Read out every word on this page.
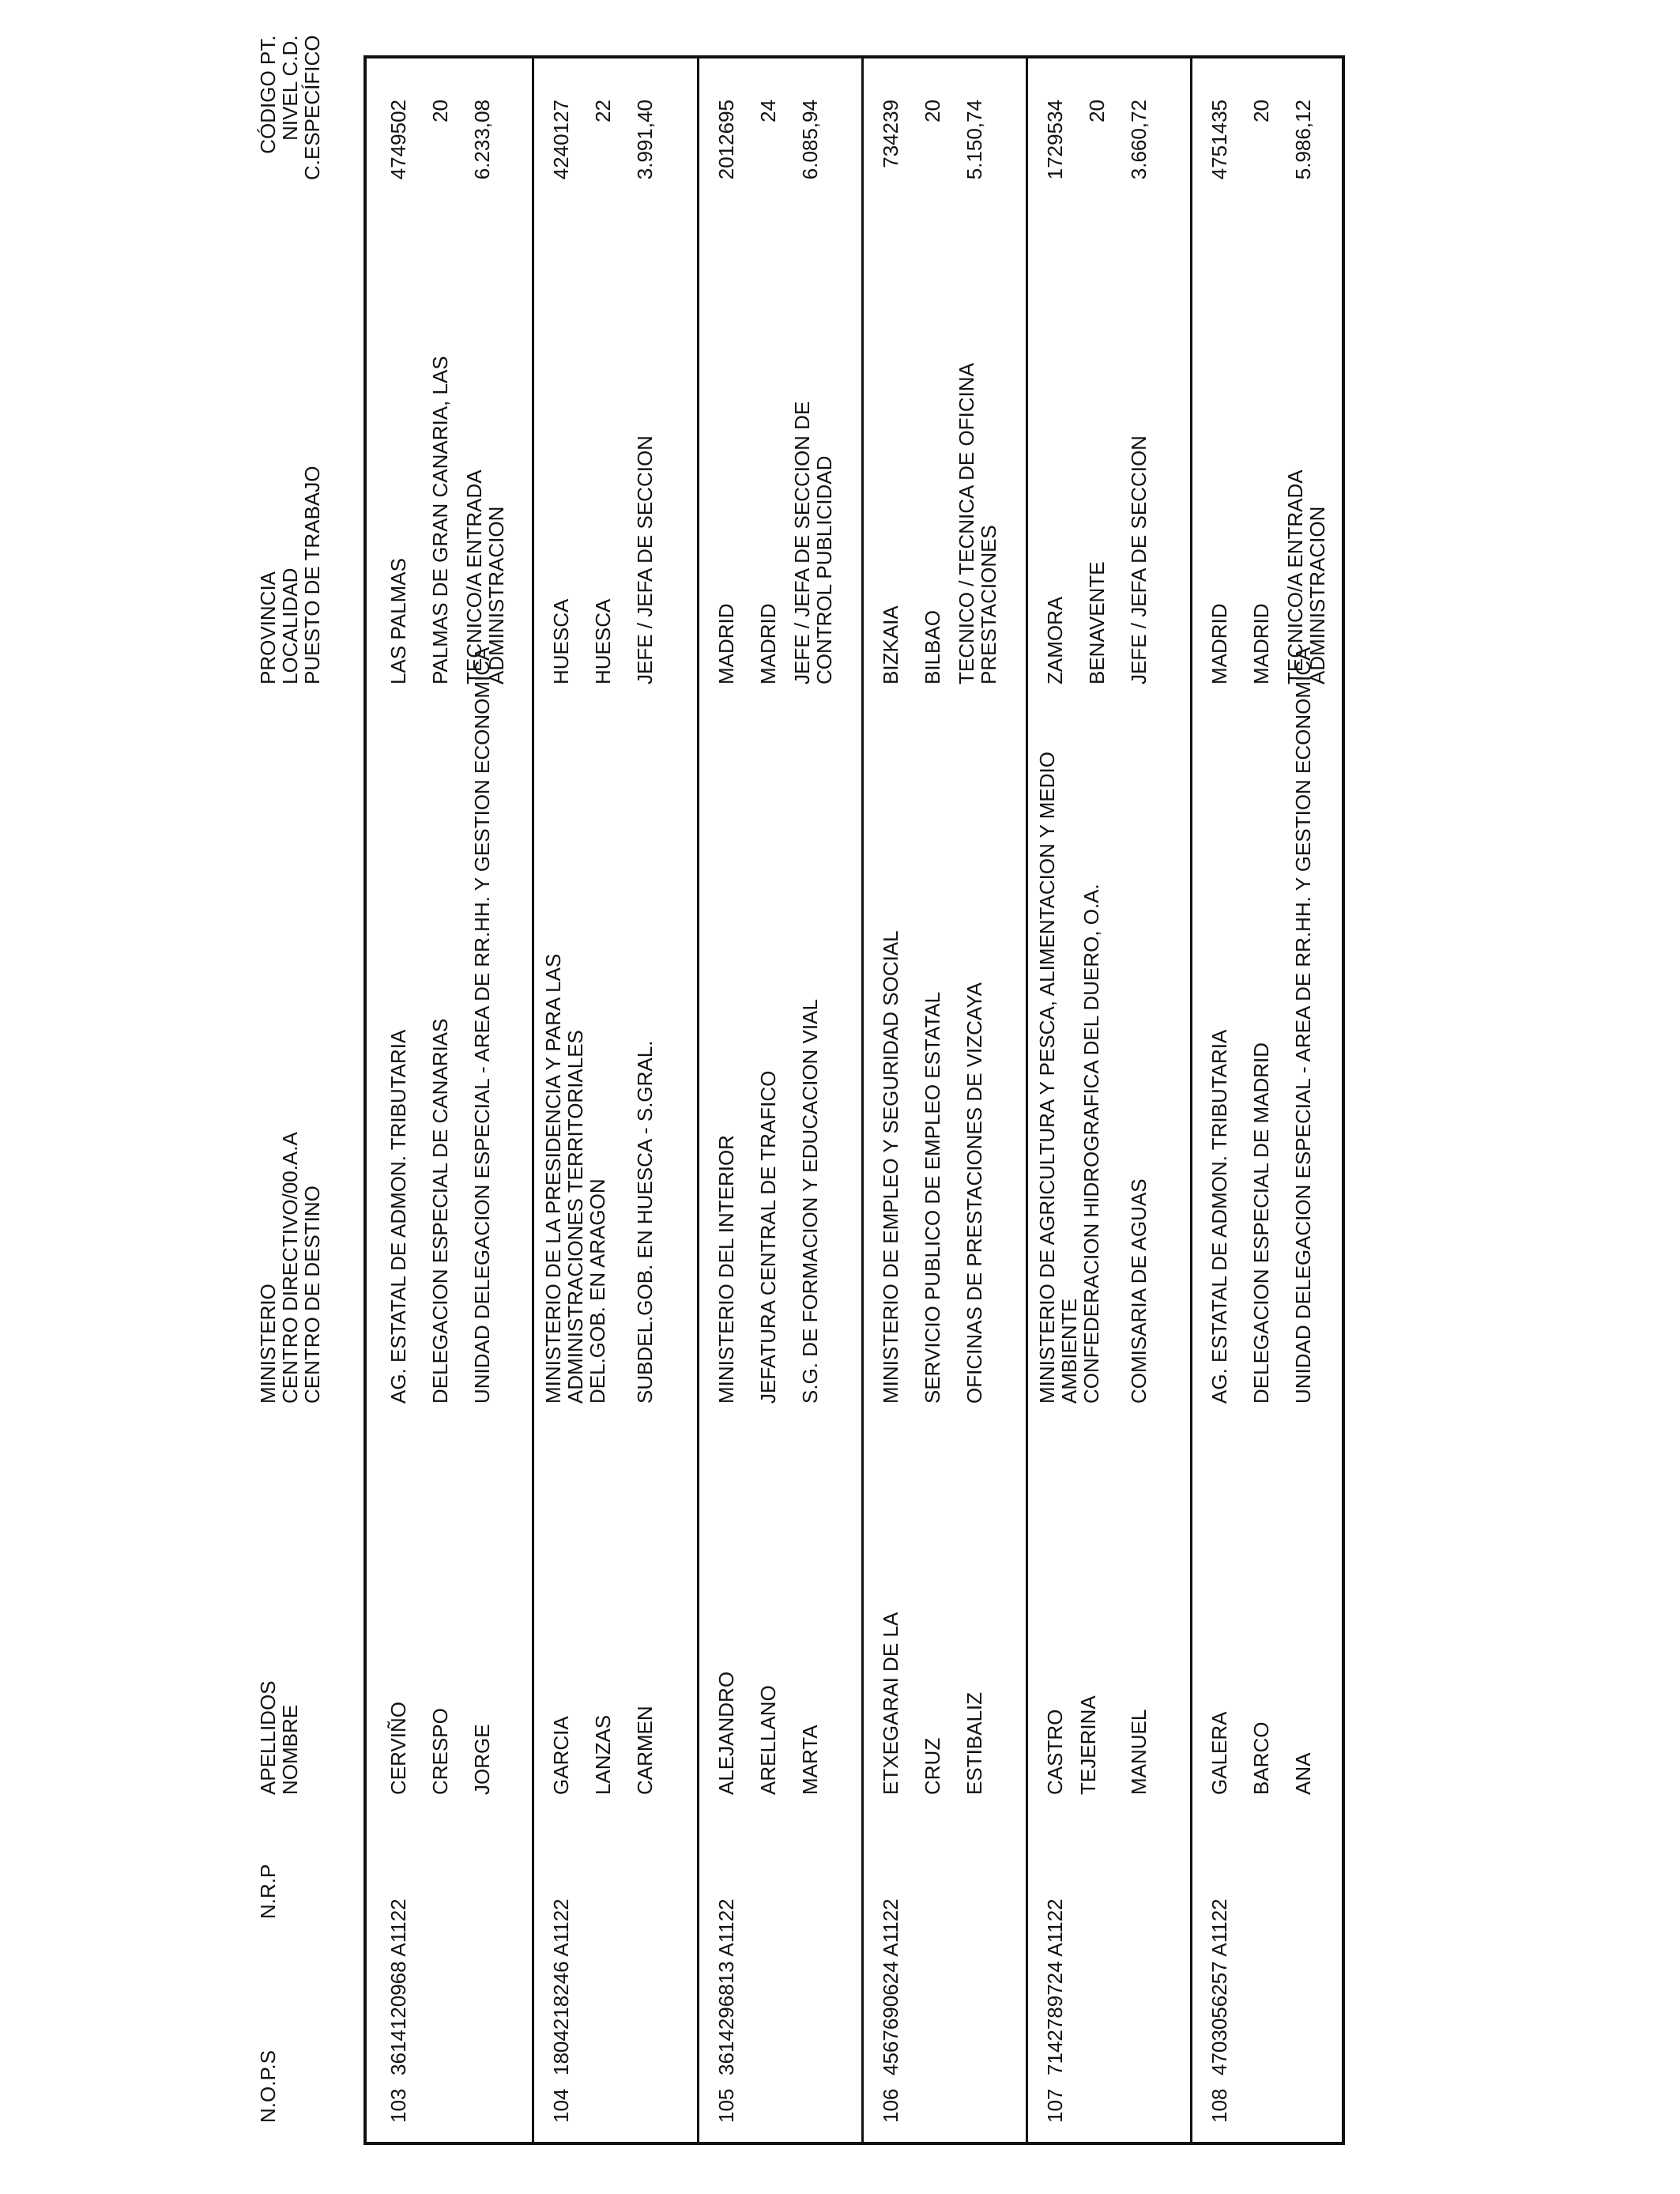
N.O.P.S
N.R.P
APELLIDOS
NOMBRE
MINISTERIO
CENTRO DIRECTIVO/00.A.A
CENTRO DE DESTINO
PROVINCIA
LOCALIDAD
PUESTO DE TRABAJO
CÓDIGO PT.
NIVEL C.D.
C.ESPECÍFICO
103
3614120968 A1122
CERVIÑO CRESPO JORGE
AG. ESTATAL DE ADMON. TRIBUTARIA DELEGACION ESPECIAL DE CANARIAS UNIDAD DELEGACION ESPECIAL - AREA DE RR.HH. Y GESTION ECONOMICA
LAS PALMAS PALMAS DE GRAN CANARIA, LAS TECNICO/A ENTRADA ADMINISTRACION
4749502 20 6.233,08
104
1804218246 A1122
GARCIA LANZAS CARMEN
MINISTERIO DE LA PRESIDENCIA Y PARA LAS ADMINISTRACIONES TERRITORIALES
DEL.GOB. EN ARAGON SUBDEL.GOB. EN HUESCA - S.GRAL.
HUESCA HUESCA JEFE / JEFA DE SECCION
4240127 22 3.991,40
105
3614296813 A1122
ALEJANDRO ARELLANO MARTA
MINISTERIO DEL INTERIOR JEFATURA CENTRAL DE TRAFICO S.G. DE FORMACION Y EDUCACION VIAL
MADRID MADRID JEFE / JEFA DE SECCION DE CONTROL PUBLICIDAD
2012695 24 6.085,94
106
4567690624 A1122
ETXEGARAI DE LA CRUZ ESTIBALIZ
MINISTERIO DE EMPLEO Y SEGURIDAD SOCIAL SERVICIO PUBLICO DE EMPLEO ESTATAL OFICINAS DE PRESTACIONES DE VIZCAYA
BIZKAIA BILBAO TECNICO / TECNICA DE OFICINA PRESTACIONES
734239 20 5.150,74
107
7142789724 A1122
CASTRO TEJERINA MANUEL
MINISTERIO DE AGRICULTURA Y PESCA, ALIMENTACION Y MEDIO AMBIENTE
CONFEDERACION HIDROGRAFICA DEL DUERO, O.A. COMISARIA DE AGUAS
ZAMORA BENAVENTE JEFE / JEFA DE SECCION
1729534 20 3.660,72
108
4703056257 A1122
GALERA BARCO ANA
AG. ESTATAL DE ADMON. TRIBUTARIA DELEGACION ESPECIAL DE MADRID UNIDAD DELEGACION ESPECIAL - AREA DE RR.HH. Y GESTION ECONOMICA
MADRID MADRID TECNICO/A ENTRADA ADMINISTRACION
4751435 20 5.986,12
